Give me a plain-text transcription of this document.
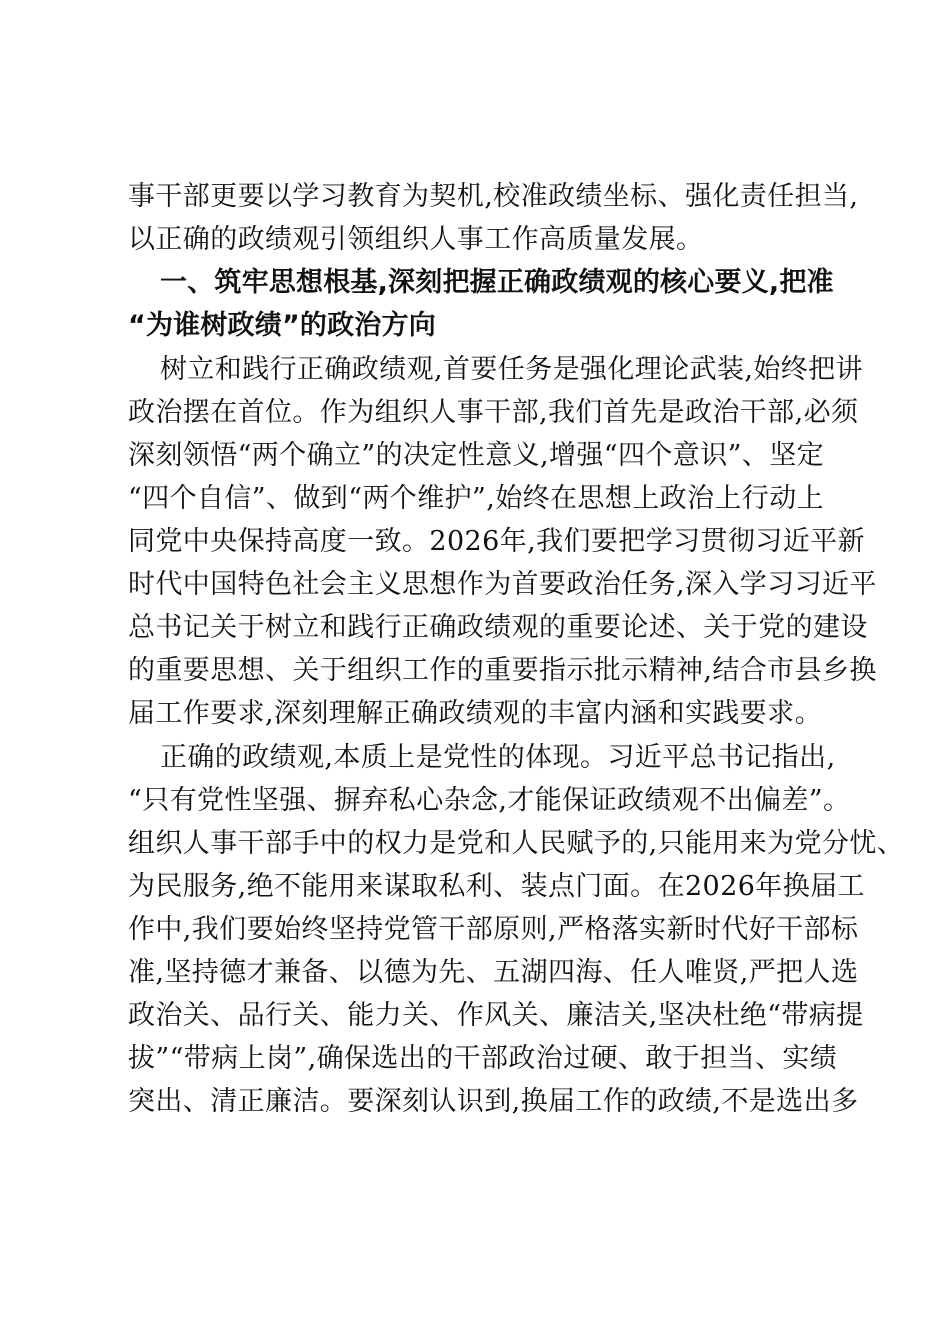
事干部更要以学习教育为契机,校准政绩坐标、强化责任担当,
以正确的政绩观引领组织人事工作高质量发展。
一、筑牢思想根基,深刻把握正确政绩观的核心要义,把准
“为谁树政绩”的政治方向
树立和践行正确政绩观,首要任务是强化理论武装,始终把讲
政治摆在首位。作为组织人事干部,我们首先是政治干部,必须
深刻领悟“两个确立”的决定性意义,增强“四个意识”、坚定
“四个自信”、做到“两个维护”,始终在思想上政治上行动上
同党中央保持高度一致。2026年,我们要把学习贯彻习近平新
时代中国特色社会主义思想作为首要政治任务,深入学习习近平
总书记关于树立和践行正确政绩观的重要论述、关于党的建设
的重要思想、关于组织工作的重要指示批示精神,结合市县乡换
届工作要求,深刻理解正确政绩观的丰富内涵和实践要求。
正确的政绩观,本质上是党性的体现。习近平总书记指出,
“只有党性坚强、摒弃私心杂念,才能保证政绩观不出偏差”。
组织人事干部手中的权力是党和人民赋予的,只能用来为党分忧、
为民服务,绝不能用来谋取私利、装点门面。在2026年换届工
作中,我们要始终坚持党管干部原则,严格落实新时代好干部标
准,坚持德才兼备、以德为先、五湖四海、任人唯贤,严把人选
政治关、品行关、能力关、作风关、廉洁关,坚决杜绝“带病提
拔”“带病上岗”,确保选出的干部政治过硬、敢于担当、实绩
突出、清正廉洁。要深刻认识到,换届工作的政绩,不是选出多
